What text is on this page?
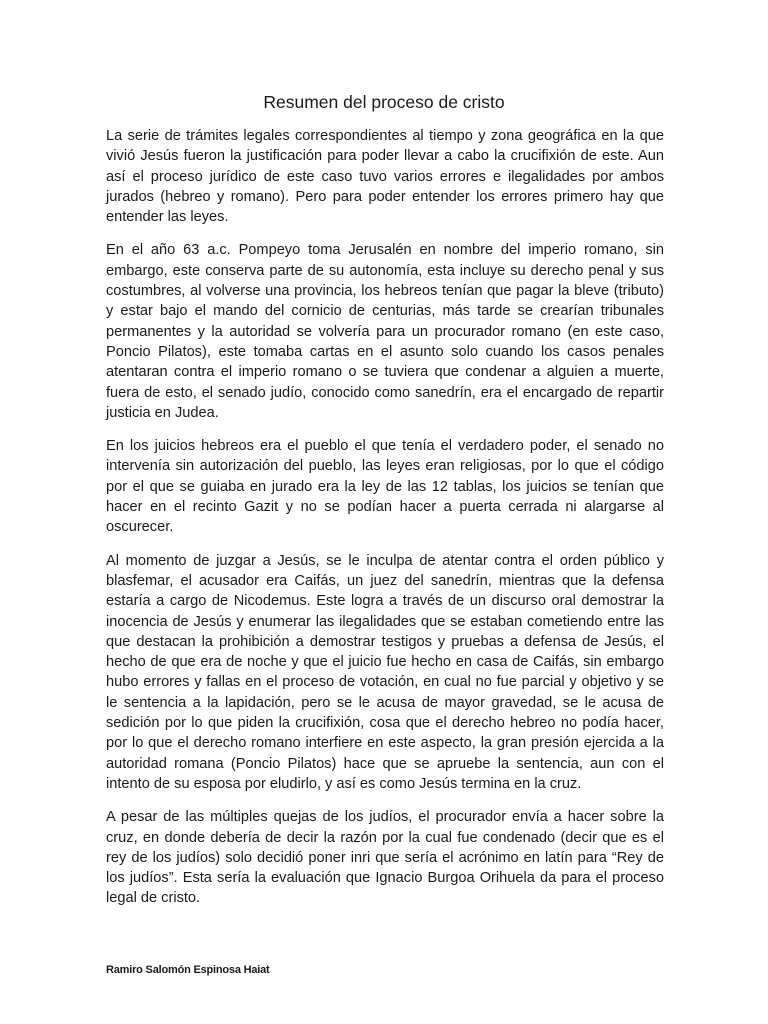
Resumen del proceso de cristo

La serie de trámites legales correspondientes al tiempo y zona geográfica en la que vivió Jesús fueron la justificación para poder llevar a cabo la crucifixión de este. Aun así el proceso jurídico de este caso tuvo varios errores e ilegalidades por ambos jurados (hebreo y romano). Pero para poder entender los errores primero hay que entender las leyes.

En el año 63 a.c. Pompeyo toma Jerusalén en nombre del imperio romano, sin embargo, este conserva parte de su autonomía, esta incluye su derecho penal y sus costumbres, al volverse una provincia, los hebreos tenían que pagar la bleve (tributo) y estar bajo el mando del cornicio de centurias, más tarde se crearían tribunales permanentes y la autoridad se volvería para un procurador romano (en este caso, Poncio Pilatos), este tomaba cartas en el asunto solo cuando los casos penales atentaran contra el imperio romano o se tuviera que condenar a alguien a muerte, fuera de esto, el senado judío, conocido como sanedrín, era el encargado de repartir justicia en Judea.

En los juicios hebreos era el pueblo el que tenía el verdadero poder, el senado no intervenía sin autorización del pueblo, las leyes eran religiosas, por lo que el código por el que se guiaba en jurado era la ley de las 12 tablas, los juicios se tenían que hacer en el recinto Gazit y no se podían hacer a puerta cerrada ni alargarse al oscurecer.

Al momento de juzgar a Jesús, se le inculpa de atentar contra el orden público y blasfemar, el acusador era Caifás, un juez del sanedrín, mientras que la defensa estaría a cargo de Nicodemus. Este logra a través de un discurso oral demostrar la inocencia de Jesús y enumerar las ilegalidades que se estaban cometiendo entre las que destacan la prohibición a demostrar testigos y pruebas a defensa de Jesús, el hecho de que era de noche y que el juicio fue hecho en casa de Caifás, sin embargo hubo errores y fallas en el proceso de votación, en cual no fue parcial y objetivo y se le sentencia a la lapidación, pero se le acusa de mayor gravedad, se le acusa de sedición por lo que piden la crucifixión, cosa que el derecho hebreo no podía hacer, por lo que el derecho romano interfiere en este aspecto, la gran presión ejercida a la autoridad romana (Poncio Pilatos) hace que se apruebe la sentencia, aun con el intento de su esposa por eludirlo, y así es como Jesús termina en la cruz.

A pesar de las múltiples quejas de los judíos, el procurador envía a hacer sobre la cruz, en donde debería de decir la razón por la cual fue condenado (decir que es el rey de los judíos) solo decidió poner inri que sería el acrónimo en latín para “Rey de los judíos”. Esta sería la evaluación que Ignacio Burgoa Orihuela da para el proceso legal de cristo.

Ramiro Salomón Espinosa Haiat
